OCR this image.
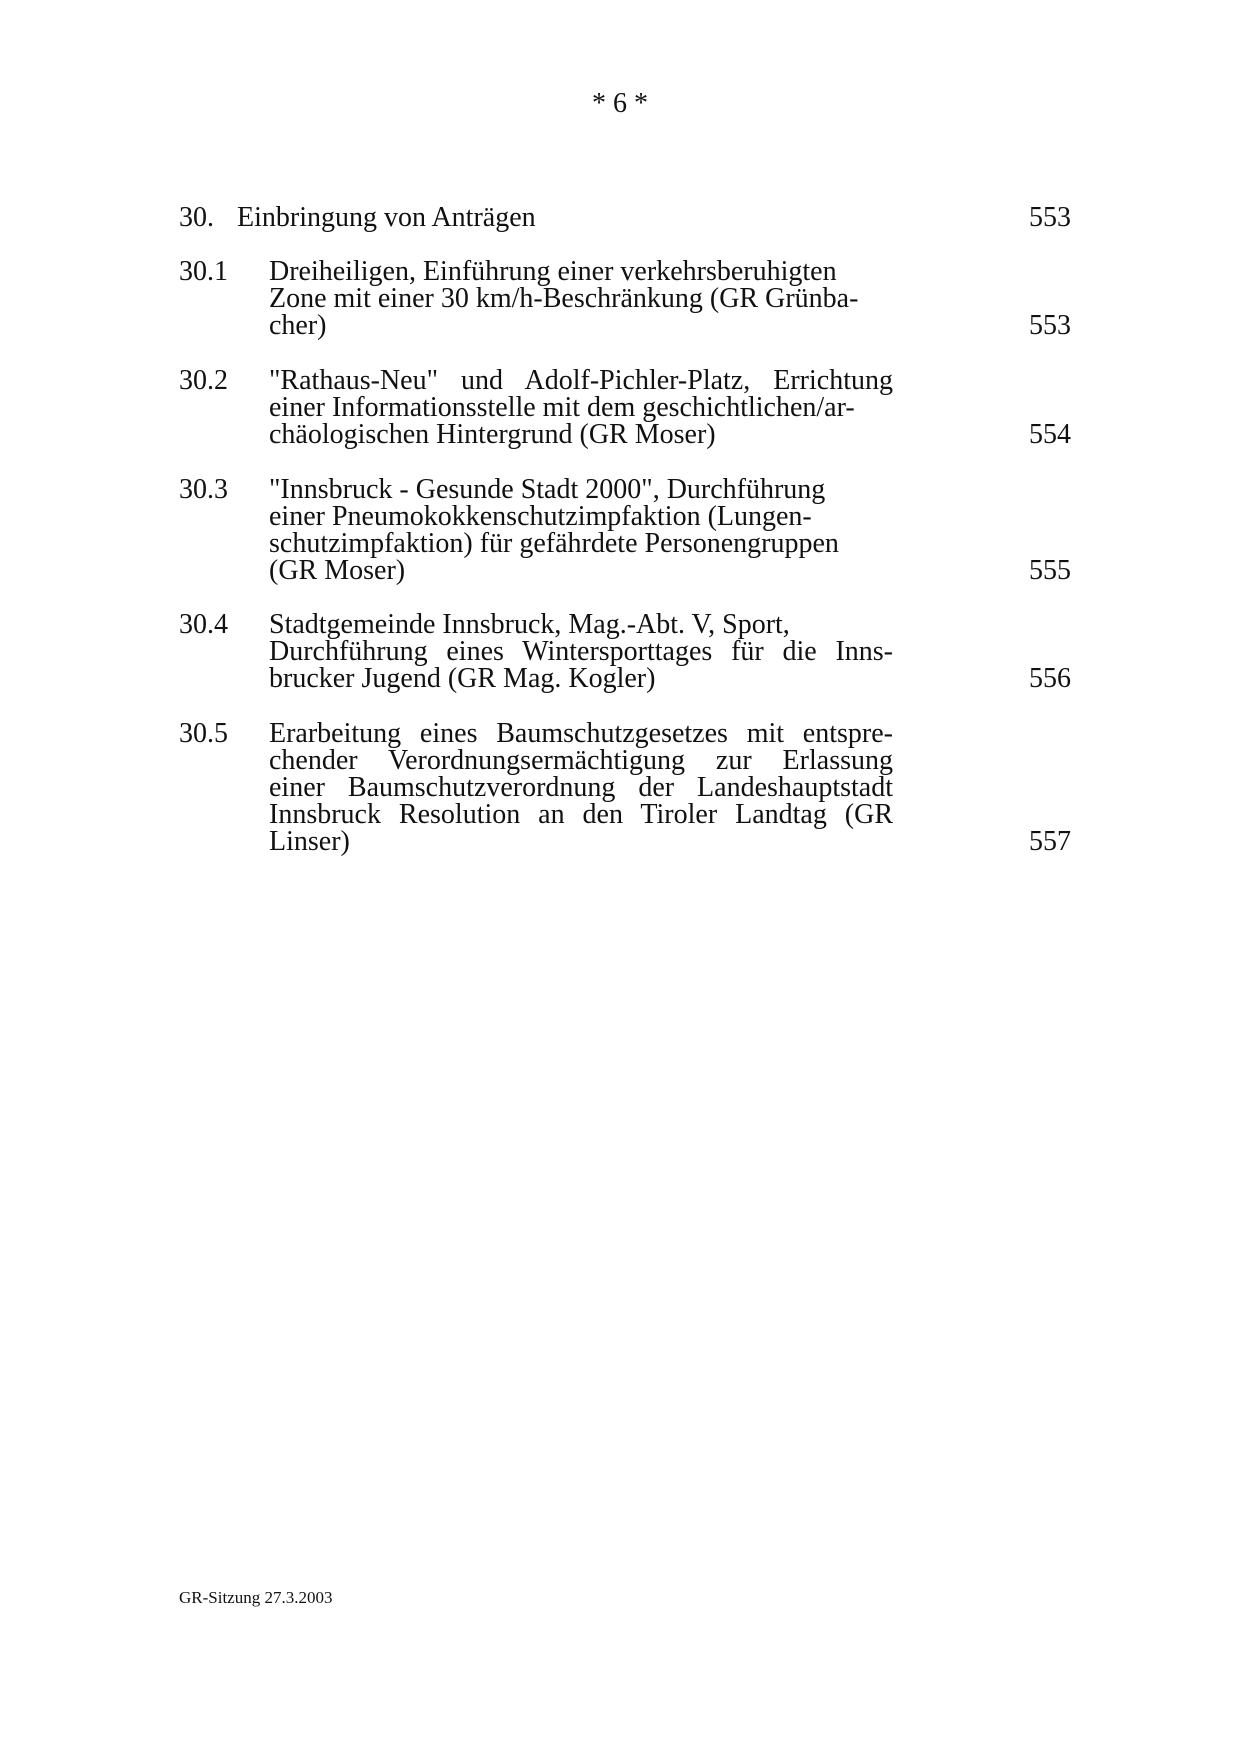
* 6 *
30. Einbringung von Anträgen	553
30.1 Dreiheiligen, Einführung einer verkehrsberuhigten
Zone mit einer 30 km/h-Beschränkung (GR Grünba-
cher)	553
30.2 "Rathaus-Neu" und Adolf-Pichler-Platz, Errichtung
einer Informationsstelle mit dem geschichtlichen/ar-
chäologischen Hintergrund (GR Moser)	554
30.3 "Innsbruck - Gesunde Stadt 2000", Durchführung
einer Pneumokokkenschutzimpfaktion (Lungen-
schutzimpfaktion) für gefährdete Personengruppen
(GR Moser)	555
30.4 Stadtgemeinde Innsbruck, Mag.-Abt. V, Sport,
Durchführung eines Wintersporttages für die Inns-
brucker Jugend (GR Mag. Kogler)	556
30.5 Erarbeitung eines Baumschutzgesetzes mit entspre-
chender Verordnungsermächtigung zur Erlassung
einer Baumschutzverordnung der Landeshauptstadt
Innsbruck Resolution an den Tiroler Landtag (GR
Linser)	557
GR-Sitzung 27.3.2003
